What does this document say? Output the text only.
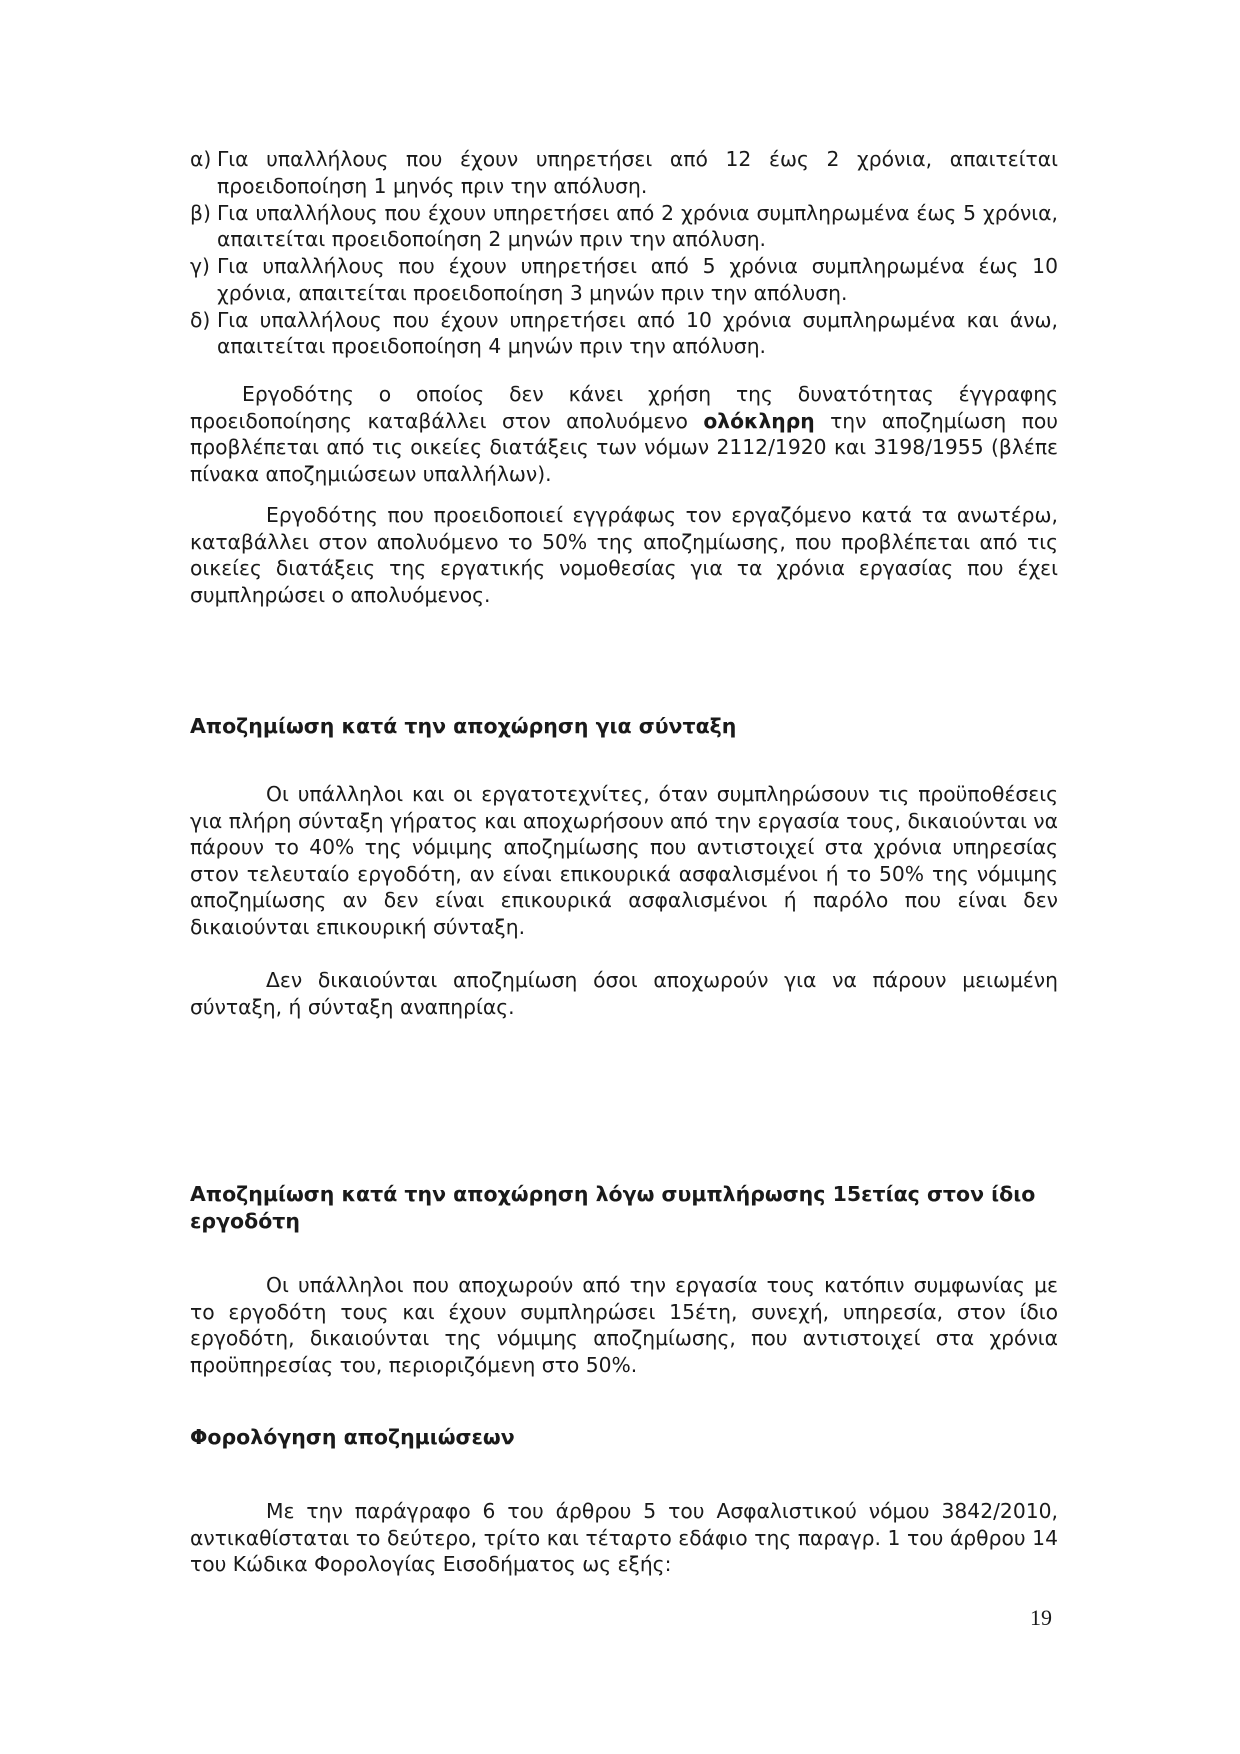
α) Για υπαλλήλους που έχουν υπηρετήσει από 12 έως 2 χρόνια, απαιτείται προειδοποίηση 1 μηνός πριν την απόλυση.
β) Για υπαλλήλους που έχουν υπηρετήσει από 2 χρόνια συμπληρωμένα έως 5 χρόνια, απαιτείται προειδοποίηση 2 μηνών πριν την απόλυση.
γ) Για υπαλλήλους που έχουν υπηρετήσει από 5 χρόνια συμπληρωμένα έως 10 χρόνια, απαιτείται προειδοποίηση 3 μηνών πριν την απόλυση.
δ) Για υπαλλήλους που έχουν υπηρετήσει από 10 χρόνια συμπληρωμένα και άνω, απαιτείται προειδοποίηση 4 μηνών πριν την απόλυση.

Εργοδότης ο οποίος δεν κάνει χρήση της δυνατότητας έγγραφης προειδοποίησης καταβάλλει στον απολυόμενο ολόκληρη την αποζημίωση που προβλέπεται από τις οικείες διατάξεις των νόμων 2112/1920 και 3198/1955 (βλέπε πίνακα αποζημιώσεων υπαλλήλων).

Εργοδότης που προειδοποιεί εγγράφως τον εργαζόμενο κατά τα ανωτέρω, καταβάλλει στον απολυόμενο το 50% της αποζημίωσης, που προβλέπεται από τις οικείες διατάξεις της εργατικής νομοθεσίας για τα χρόνια εργασίας που έχει συμπληρώσει ο απολυόμενος.

Αποζημίωση κατά την αποχώρηση για σύνταξη

Οι υπάλληλοι και οι εργατοτεχνίτες, όταν συμπληρώσουν τις προϋποθέσεις για πλήρη σύνταξη γήρατος και αποχωρήσουν από την εργασία τους, δικαιούνται να πάρουν το 40% της νόμιμης αποζημίωσης που αντιστοιχεί στα χρόνια υπηρεσίας στον τελευταίο εργοδότη, αν είναι επικουρικά ασφαλισμένοι ή το 50% της νόμιμης αποζημίωσης αν δεν είναι επικουρικά ασφαλισμένοι ή παρόλο που είναι δεν δικαιούνται επικουρική σύνταξη.

Δεν δικαιούνται αποζημίωση όσοι αποχωρούν για να πάρουν μειωμένη σύνταξη, ή σύνταξη αναπηρίας.

Αποζημίωση κατά την αποχώρηση λόγω συμπλήρωσης 15ετίας στον ίδιο εργοδότη

Οι υπάλληλοι που αποχωρούν από την εργασία τους κατόπιν συμφωνίας με το εργοδότη τους και έχουν συμπληρώσει 15έτη, συνεχή, υπηρεσία, στον ίδιο εργοδότη, δικαιούνται της νόμιμης αποζημίωσης, που αντιστοιχεί στα χρόνια προϋπηρεσίας του, περιοριζόμενη στο 50%.

Φορολόγηση αποζημιώσεων

Με την παράγραφο 6 του άρθρου 5 του Ασφαλιστικού νόμου 3842/2010, αντικαθίσταται το δεύτερο, τρίτο και τέταρτο εδάφιο της παραγρ. 1 του άρθρου 14 του Κώδικα Φορολογίας Εισοδήματος ως εξής:

19
